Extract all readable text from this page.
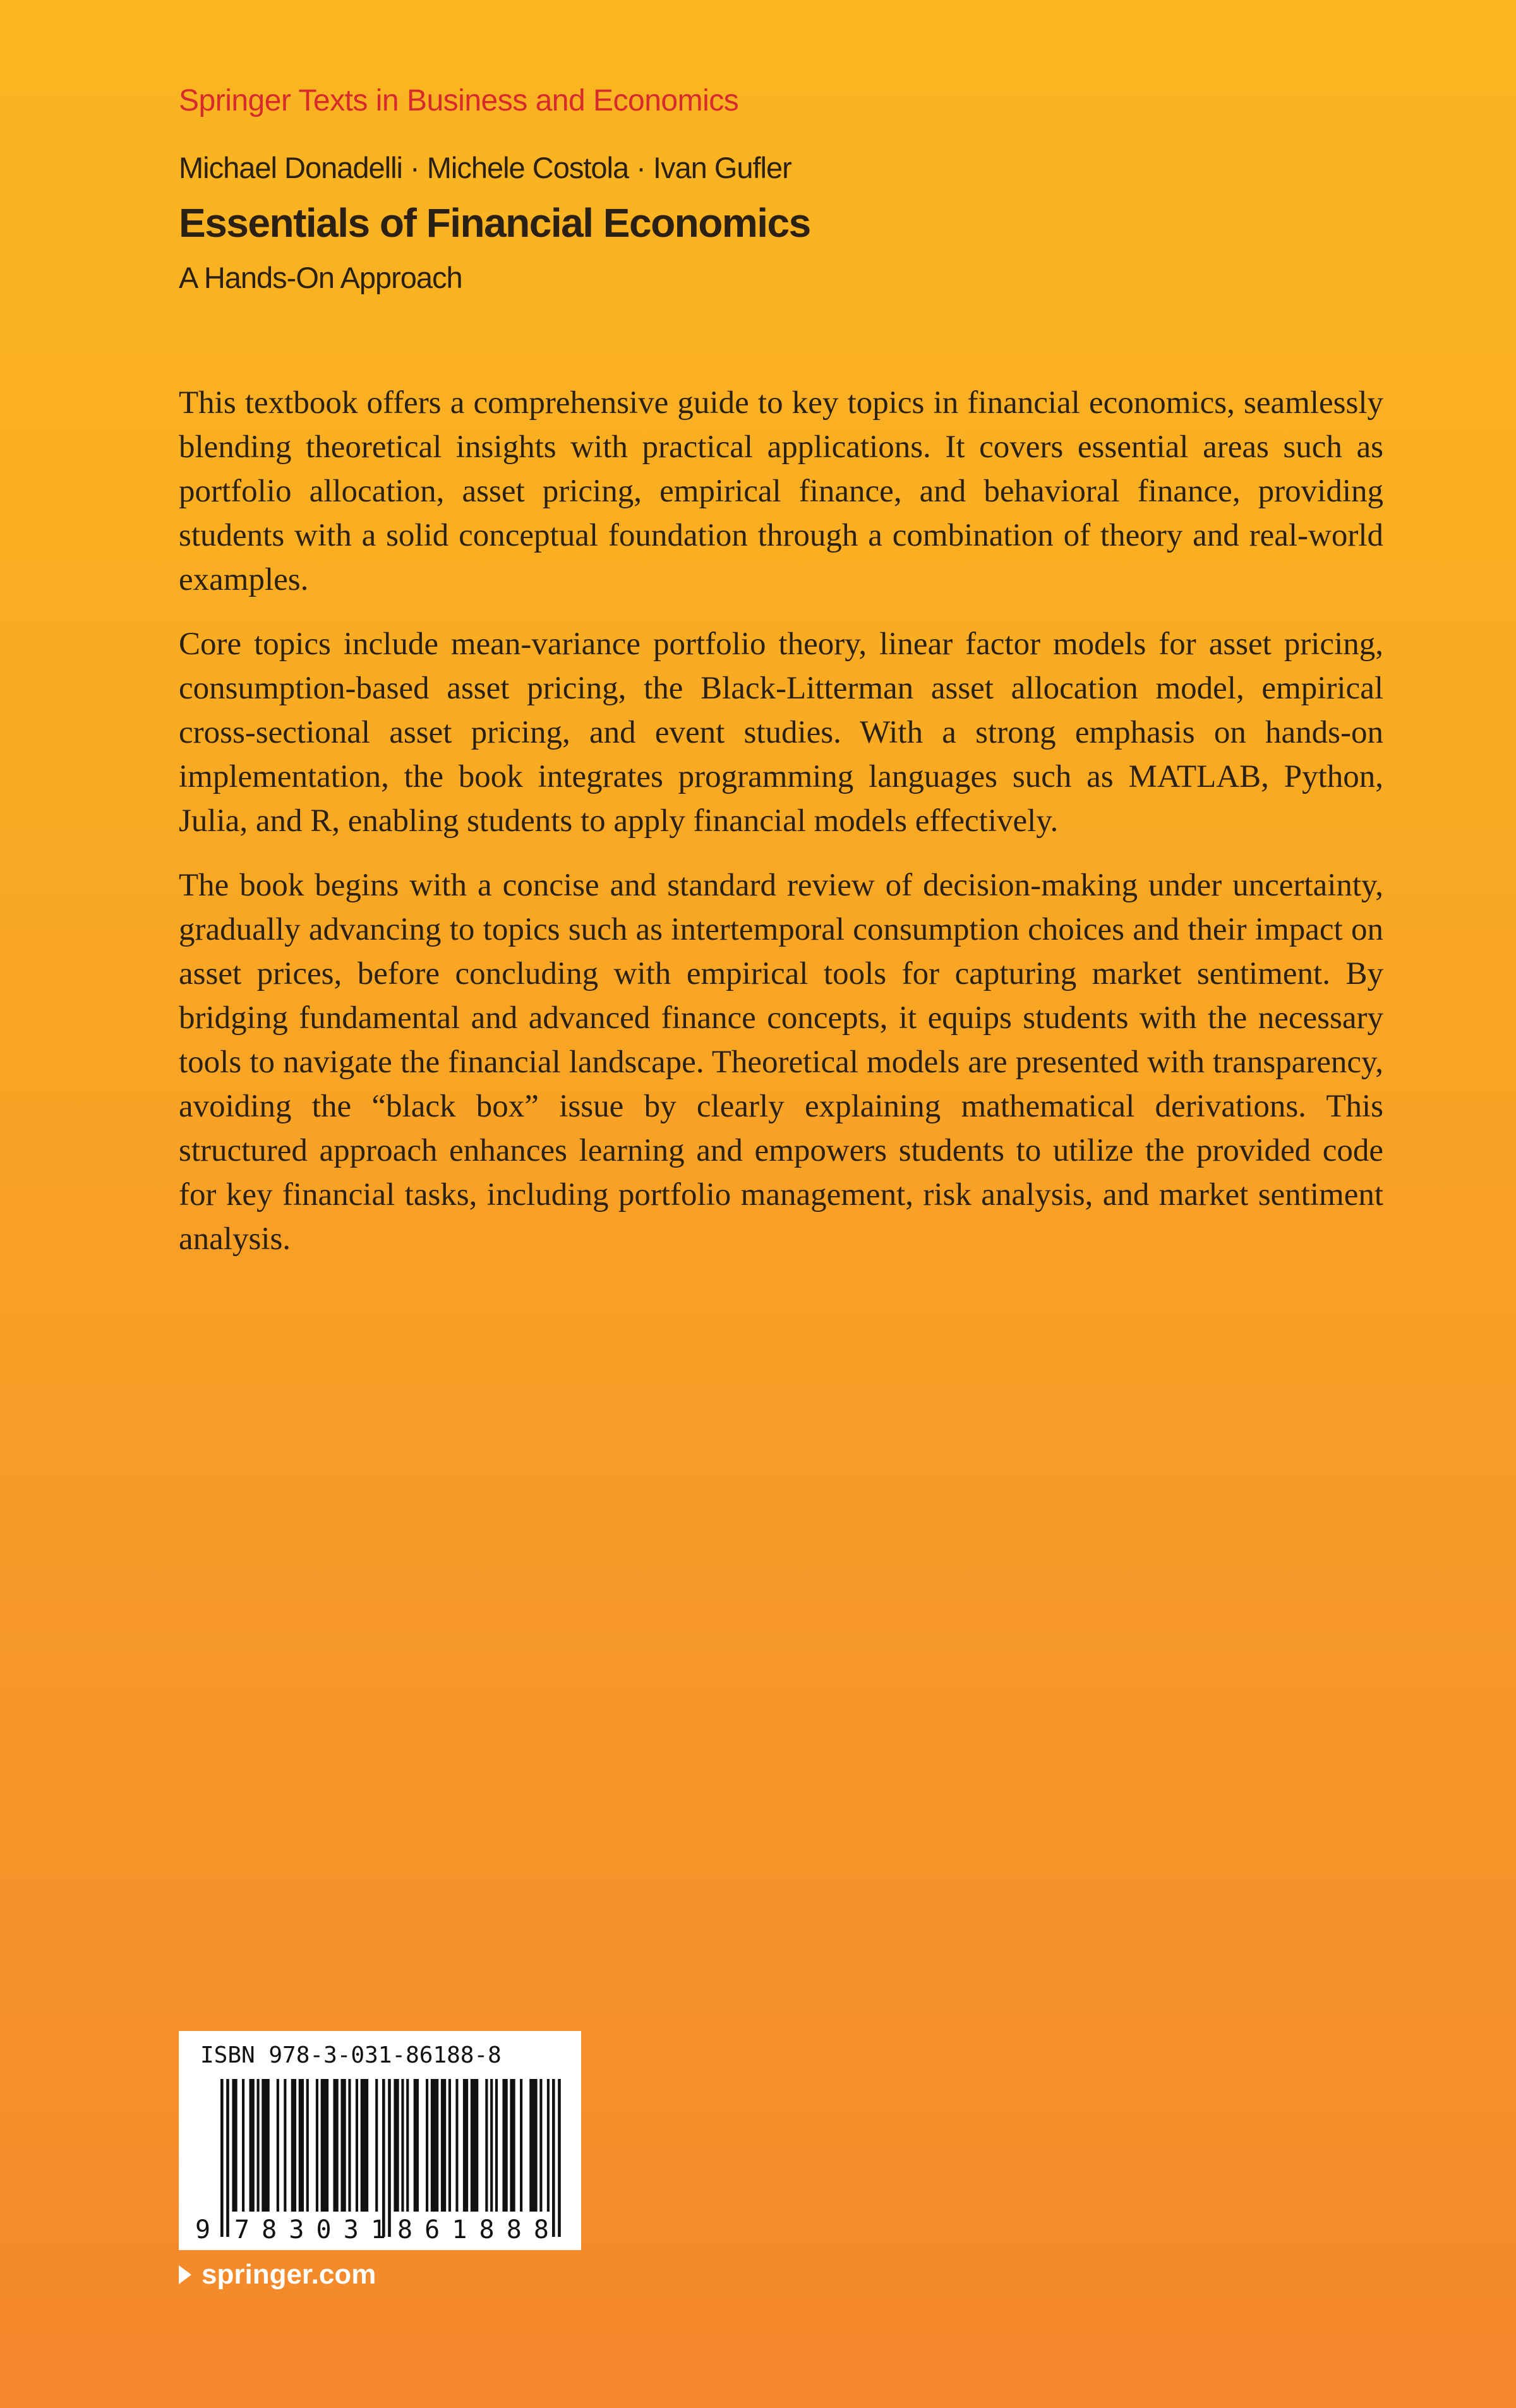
Springer Texts in Business and Economics
Michael Donadelli · Michele Costola · Ivan Gufler
Essentials of Financial Economics
A Hands-On Approach

This textbook offers a comprehensive guide to key topics in financial economics, seamlessly blending theoretical insights with practical applications. It covers essential areas such as portfolio allocation, asset pricing, empirical finance, and behavioral finance, providing students with a solid conceptual foundation through a combination of theory and real-world examples.

Core topics include mean-variance portfolio theory, linear factor models for asset pricing, consumption-based asset pricing, the Black-Litterman asset allocation model, empirical cross-sectional asset pricing, and event studies. With a strong emphasis on hands-on implementation, the book integrates programming languages such as MATLAB, Python, Julia, and R, enabling students to apply financial models effectively.

The book begins with a concise and standard review of decision-making under uncertainty, gradually advancing to topics such as intertemporal consumption choices and their impact on asset prices, before concluding with empirical tools for capturing market sentiment. By bridging fundamental and advanced finance concepts, it equips students with the necessary tools to navigate the financial landscape. Theoretical models are presented with transparency, avoiding the “black box” issue by clearly explaining mathematical derivations. This structured approach enhances learning and empowers students to utilize the provided code for key financial tasks, including portfolio management, risk analysis, and market sentiment analysis.

ISBN 978-3-031-86188-8
9 783031 861888
springer.com
